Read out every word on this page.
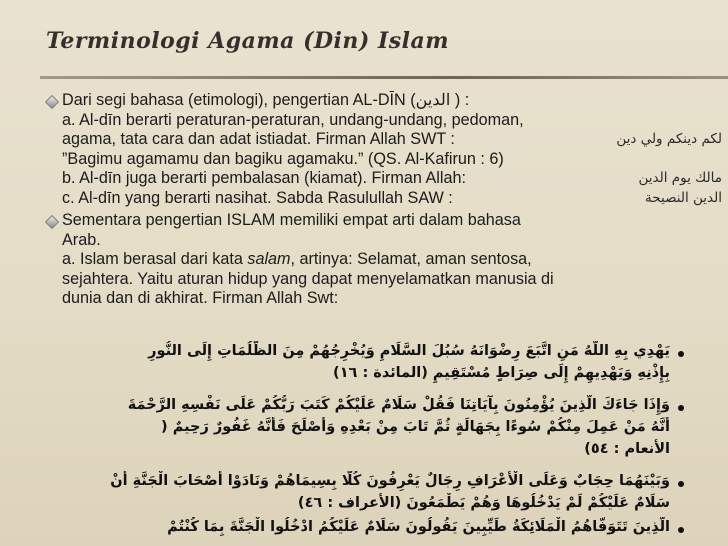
Terminologi Agama (Din) Islam
Dari segi bahasa (etimologi), pengertian AL-DĪN (الدين ) :
a. Al-dīn berarti peraturan-peraturan, undang-undang, pedoman,
agama, tata cara dan adat istiadat. Firman Allah SWT :	لكم دينكم ولي دين
”Bagimu agamamu dan bagiku agamaku.” (QS. Al-Kafirun : 6)
b. Al-dīn juga berarti pembalasan (kiamat). Firman Allah:	مالك يوم الدين
c. Al-dīn yang berarti nasihat. Sabda Rasulullah SAW :	الدين النصيحة
Sementara pengertian ISLAM memiliki empat arti dalam bahasa
Arab.
a. Islam berasal dari kata salam, artinya: Selamat, aman sentosa,
sejahtera. Yaitu aturan hidup yang dapat menyelamatkan manusia di
dunia dan di akhirat. Firman Allah Swt:
يَهْدِي بِهِ اللَّهُ مَنِ اتَّبَعَ رِضْوَانَهُ سُبُلَ السَّلَامِ وَيُخْرِجُهُمْ مِنَ الظُّلُمَاتِ إِلَى النُّورِ
بِإِذْنِهِ وَيَهْدِيهِمْ إِلَى صِرَاطٍ مُسْتَقِيمٍ (المائدة : ١٦)
وَإِذَا جَاءَكَ الَّذِينَ يُؤْمِنُونَ بِآيَاتِنَا فَقُلْ سَلَامٌ عَلَيْكُمْ كَتَبَ رَبُّكُمْ عَلَى نَفْسِهِ الرَّحْمَةَ
أَنَّهُ مَنْ عَمِلَ مِنْكُمْ سُوءًا بِجَهَالَةٍ ثُمَّ تَابَ مِنْ بَعْدِهِ وَأَصْلَحَ فَأَنَّهُ غَفُورٌ رَحِيمٌ (
الأنعام : ٥٤)
وَبَيْنَهُمَا حِجَابٌ وَعَلَى الْأَعْرَافِ رِجَالٌ يَعْرِفُونَ كُلًّا بِسِيمَاهُمْ وَنَادَوْا أَصْحَابَ الْجَنَّةِ أَنْ
سَلَامٌ عَلَيْكُمْ لَمْ يَدْخُلُوهَا وَهُمْ يَطْمَعُونَ (الأعراف : ٤٦)
الَّذِينَ تَتَوَفَّاهُمُ الْمَلَائِكَةُ طَيِّبِينَ يَقُولُونَ سَلَامٌ عَلَيْكُمُ ادْخُلُوا الْجَنَّةَ بِمَا كُنْتُمْ
